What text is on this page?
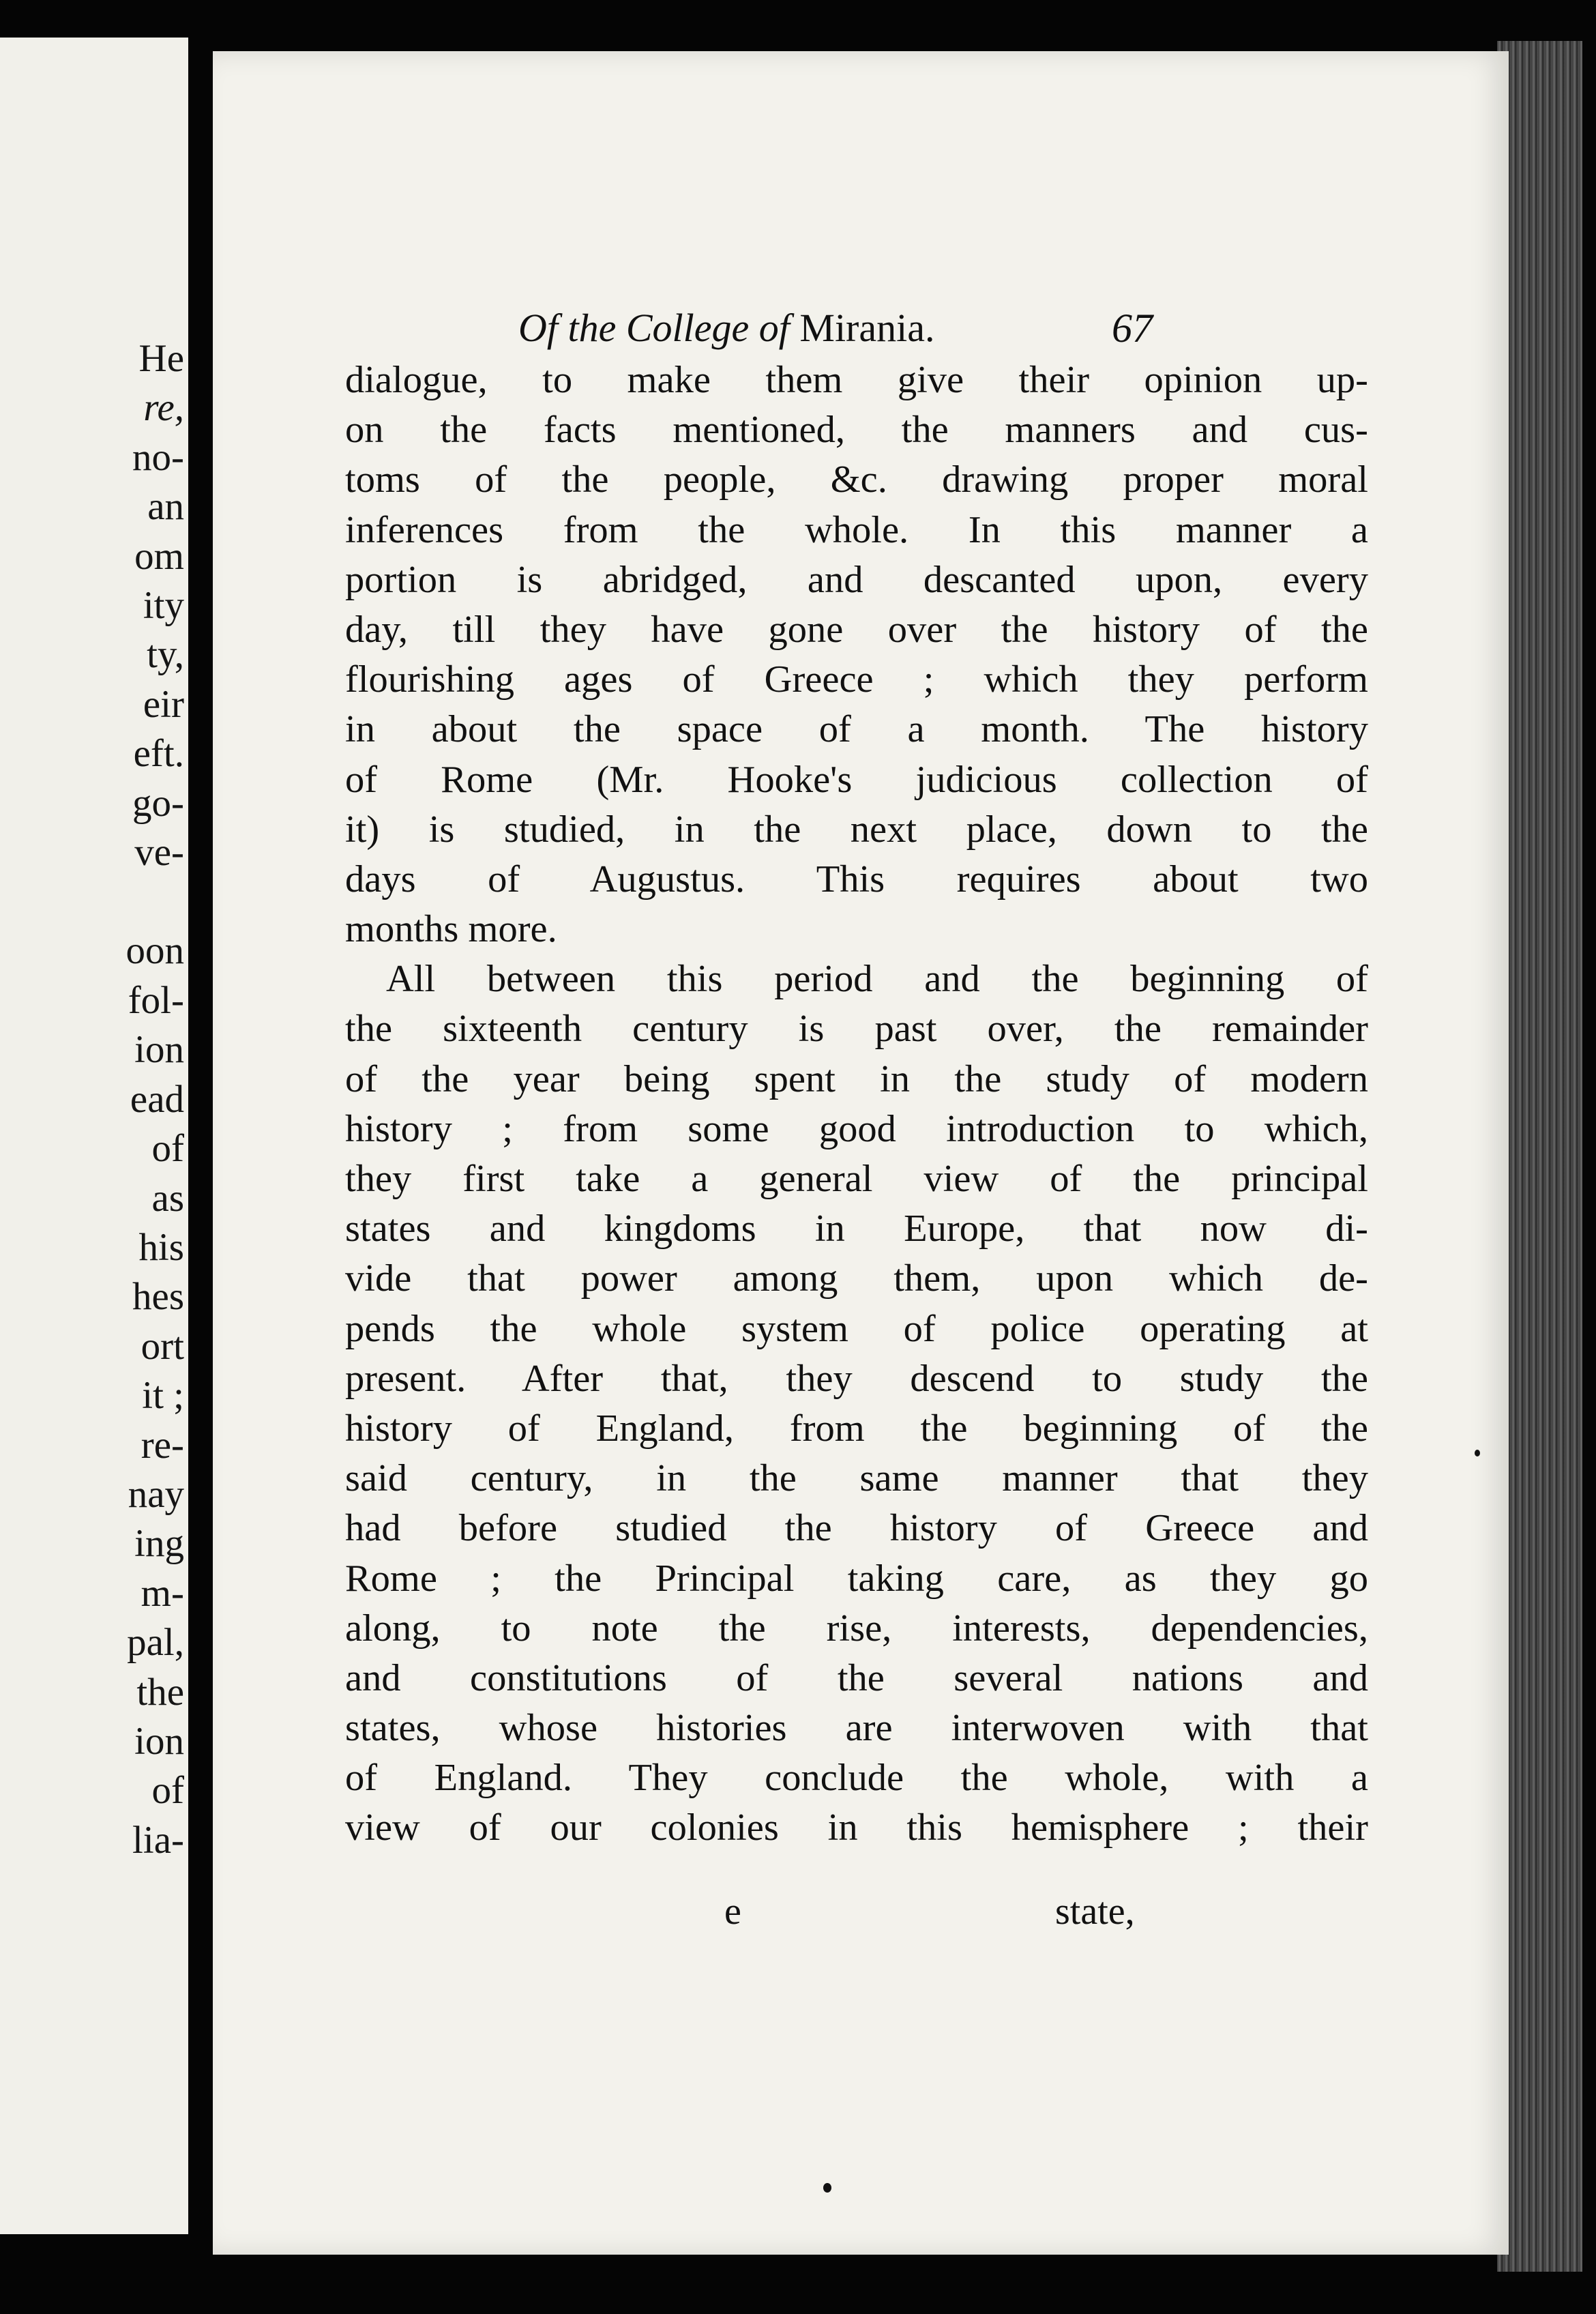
He
re,
no-
an
om
ity
ty,
eir
eft.
go-
ve-
oon
fol-
ion
ead
of
as
his
hes
ort
it ;
re-
nay
ing
m-
pal,
the
ion
of
lia-
Of the College of Mirania.	67
dialogue, to make them give their opinion up-
on the facts mentioned, the manners and cus-
toms of the people, &c. drawing proper moral
inferences from the whole. In this manner a
portion is abridged, and descanted upon, every
day, till they have gone over the history of the
flourishing ages of Greece ; which they perform
in about the space of a month. The history
of Rome (Mr. Hooke's judicious collection of
it) is studied, in the next place, down to the
days of Augustus. This requires about two
months more.
All between this period and the beginning of
the sixteenth century is past over, the remainder
of the year being spent in the study of modern
history ; from some good introduction to which,
they first take a general view of the principal
states and kingdoms in Europe, that now di-
vide that power among them, upon which de-
pends the whole system of police operating at
present. After that, they descend to study the
history of England, from the beginning of the
said century, in the same manner that they
had before studied the history of Greece and
Rome ; the Principal taking care, as they go
along, to note the rise, interests, dependencies,
and constitutions of the several nations and
states, whose histories are interwoven with that
of England. They conclude the whole, with a
view of our colonies in this hemisphere ; their
e	state,
